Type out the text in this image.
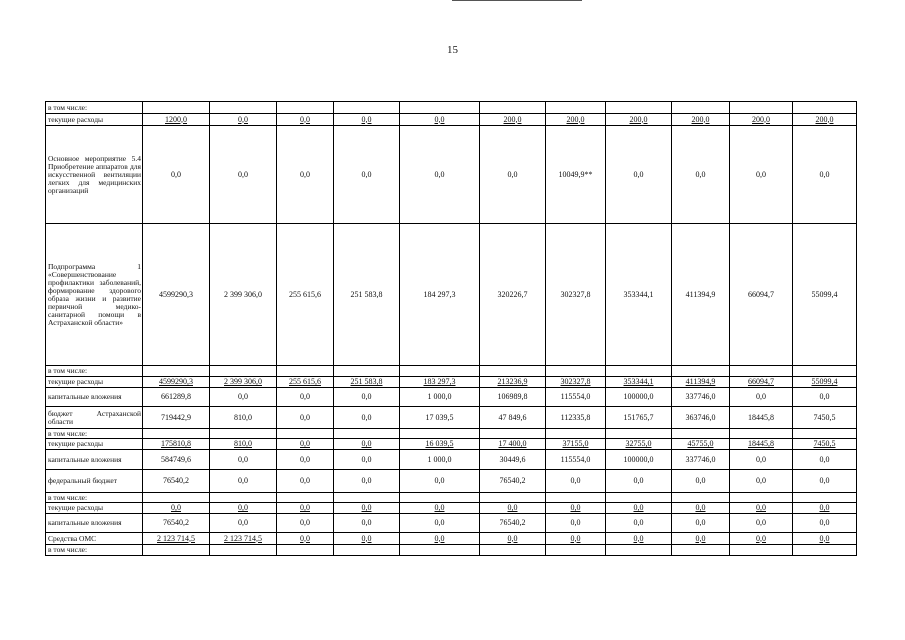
15
в том числе:											
текущие расходы	1200,0	0,0	0,0	0,0	0,0	200,0	200,0	200,0	200,0	200,0	200,0
Основное мероприятие 5.4 Приобретение аппаратов для искусственной вентиляции легких для медицинских организаций	0,0	0,0	0,0	0,0	0,0	0,0	10049,9**	0,0	0,0	0,0	0,0
Подпрограмма 1 «Совершенствование профилактики заболеваний, формирование здорового образа жизни и развитие первичной медико-санитарной помощи в Астраханской области»	4599290,3	2 399 306,0	255 615,6	251 583,8	184 297,3	320226,7	302327,8	353344,1	411394,9	66094,7	55099,4
в том числе:											
текущие расходы	4599290,3	2 399 306,0	255 615,6	251 583,8	183 297,3	213236,9	302327,8	353344,1	411394,9	66094,7	55099,4
капитальные вложения	661289,8	0,0	0,0	0,0	1 000,0	106989,8	115554,0	100000,0	337746,0	0,0	0,0
бюджет Астраханской области	719442,9	810,0	0,0	0,0	17 039,5	47 849,6	112335,8	151765,7	363746,0	18445,8	7450,5
в том числе:											
текущие расходы	175810,8	810,0	0,0	0,0	16 039,5	17 400,0	37155,0	32755,0	45755,0	18445,8	7450,5
капитальные вложения	584749,6	0,0	0,0	0,0	1 000,0	30449,6	115554,0	100000,0	337746,0	0,0	0,0
федеральный бюджет	76540,2	0,0	0,0	0,0	0,0	76540,2	0,0	0,0	0,0	0,0	0,0
в том числе:											
текущие расходы	0,0	0,0	0,0	0,0	0,0	0,0	0,0	0,0	0,0	0,0	0,0
капитальные вложения	76540,2	0,0	0,0	0,0	0,0	76540,2	0,0	0,0	0,0	0,0	0,0
Средства ОМС	2 123 714,5	2 123 714,5	0,0	0,0	0,0	0,0	0,0	0,0	0,0	0,0	0,0
в том числе:											
